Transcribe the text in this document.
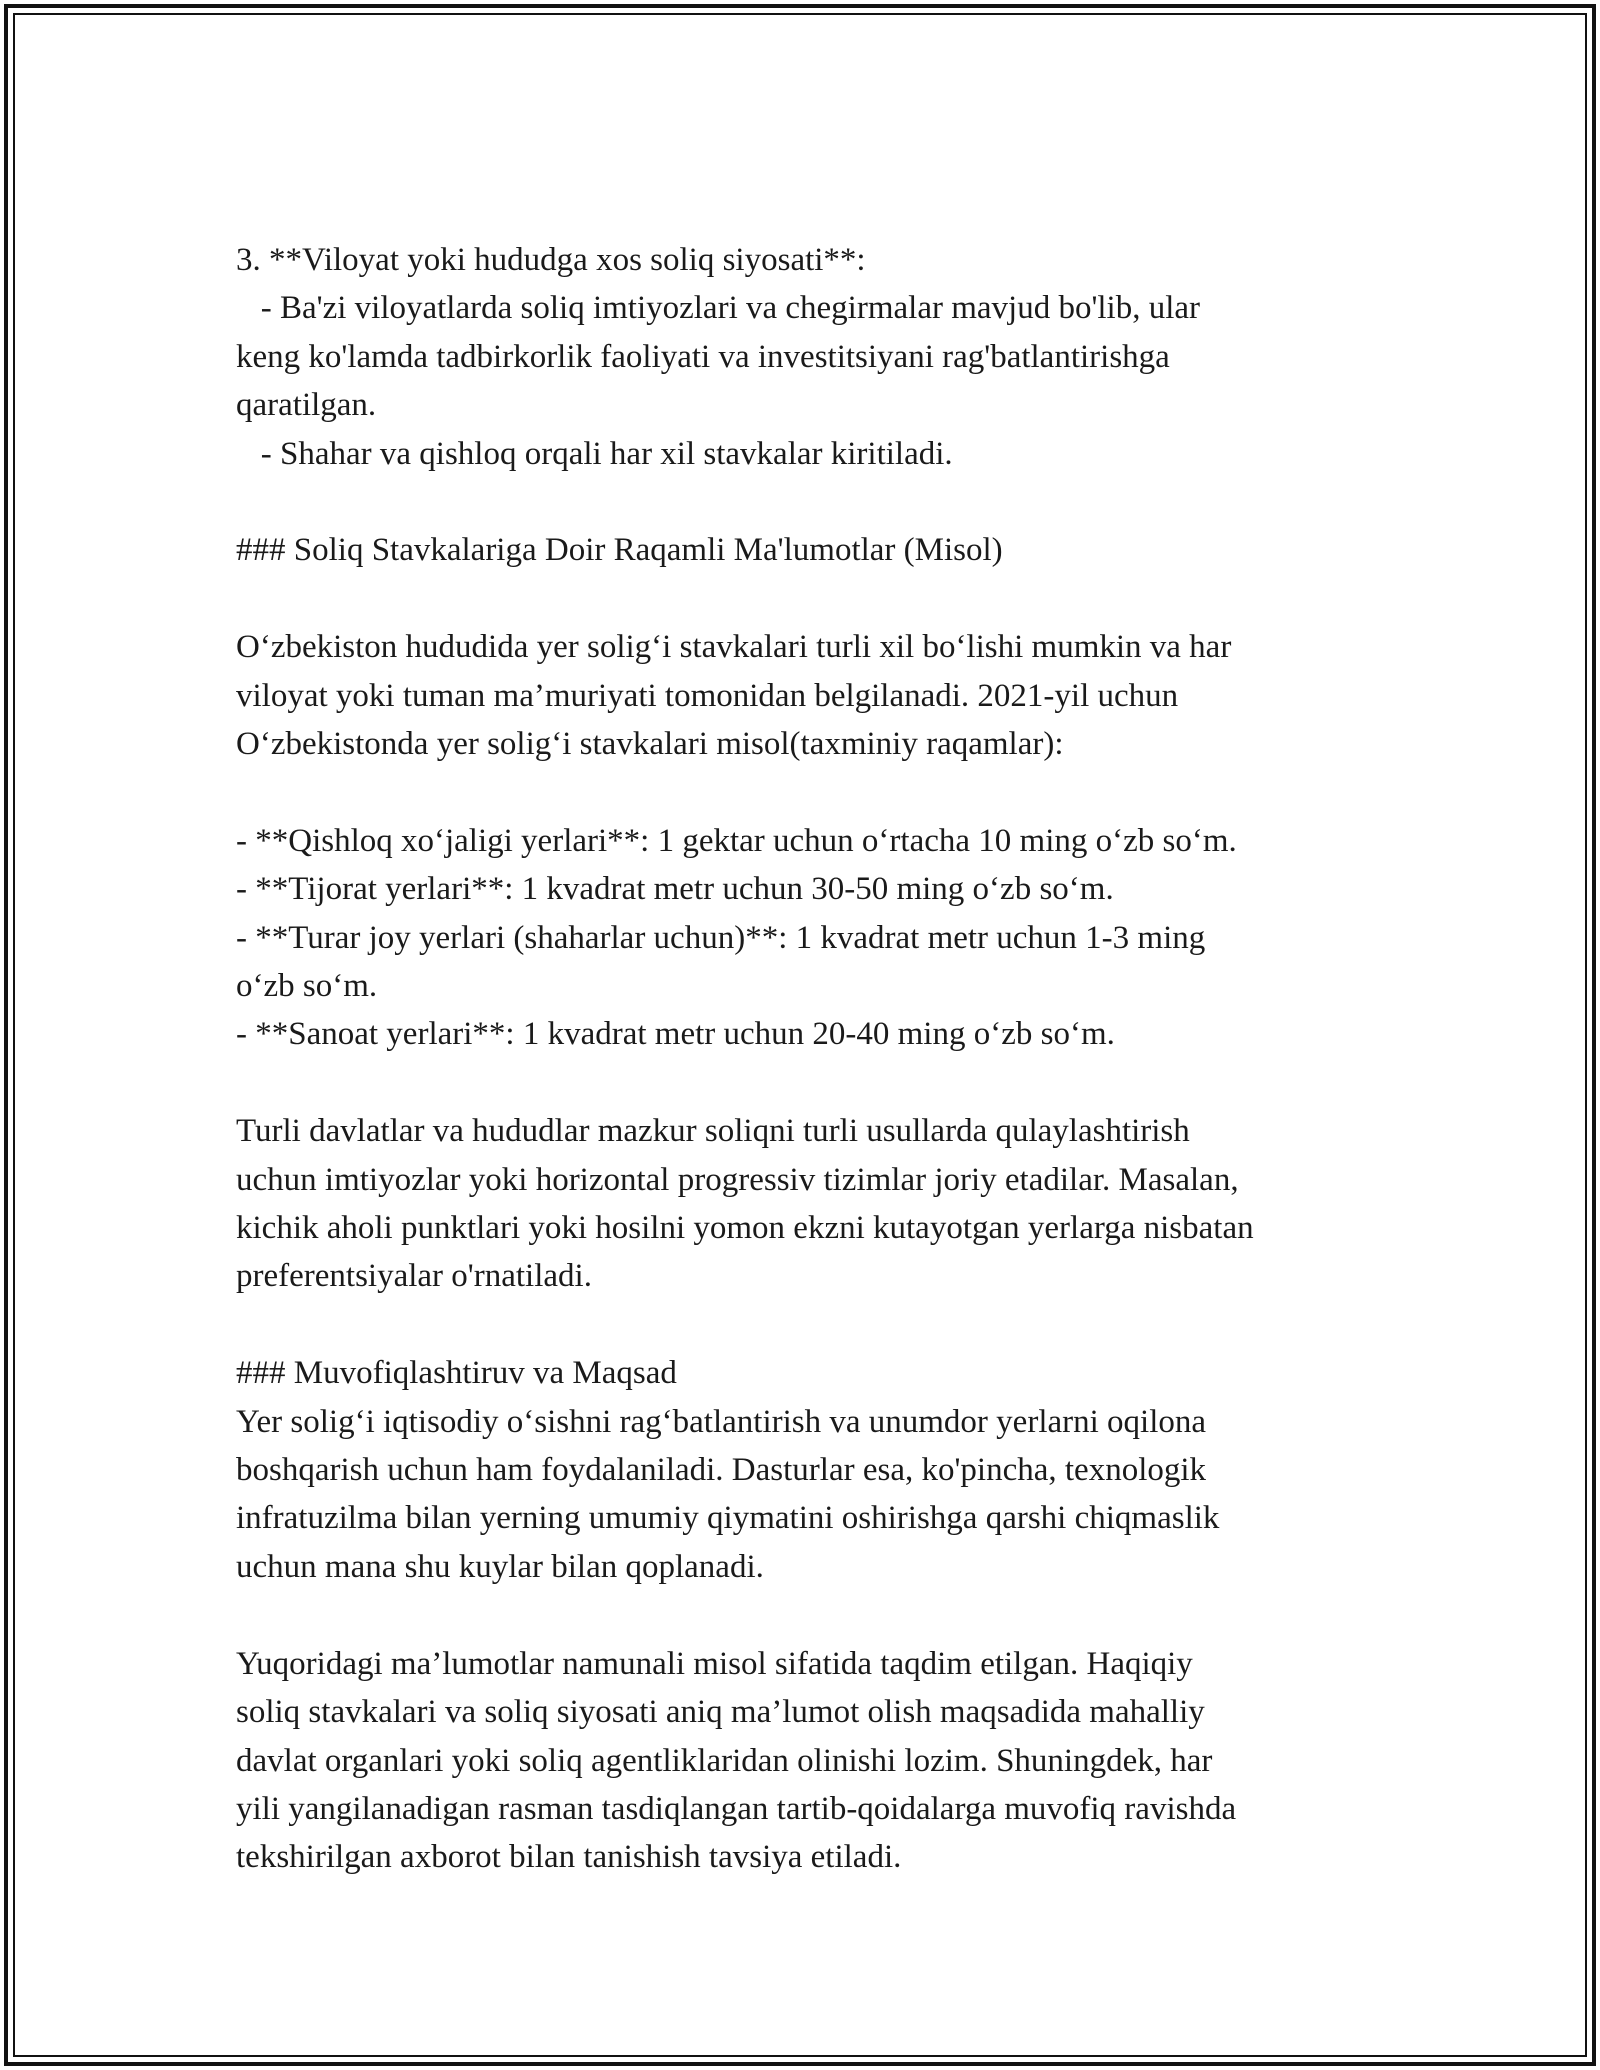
3. **Viloyat yoki hududga xos soliq siyosati**:
- Ba'zi viloyatlarda soliq imtiyozlari va chegirmalar mavjud bo'lib, ular
keng ko'lamda tadbirkorlik faoliyati va investitsiyani rag'batlantirishga
qaratilgan.
- Shahar va qishloq orqali har xil stavkalar kiritiladi.
### Soliq Stavkalariga Doir Raqamli Ma'lumotlar (Misol)
O‘zbekiston hududida yer solig‘i stavkalari turli xil bo‘lishi mumkin va har
viloyat yoki tuman ma’muriyati tomonidan belgilanadi. 2021-yil uchun
O‘zbekistonda yer solig‘i stavkalari misol(taxminiy raqamlar):
- **Qishloq xo‘jaligi yerlari**: 1 gektar uchun o‘rtacha 10 ming o‘zb so‘m.
- **Tijorat yerlari**: 1 kvadrat metr uchun 30-50 ming o‘zb so‘m.
- **Turar joy yerlari (shaharlar uchun)**: 1 kvadrat metr uchun 1-3 ming
o‘zb so‘m.
- **Sanoat yerlari**: 1 kvadrat metr uchun 20-40 ming o‘zb so‘m.
Turli davlatlar va hududlar mazkur soliqni turli usullarda qulaylashtirish
uchun imtiyozlar yoki horizontal progressiv tizimlar joriy etadilar. Masalan,
kichik aholi punktlari yoki hosilni yomon ekzni kutayotgan yerlarga nisbatan
preferentsiyalar o'rnatiladi.
### Muvofiqlashtiruv va Maqsad
Yer solig‘i iqtisodiy o‘sishni rag‘batlantirish va unumdor yerlarni oqilona
boshqarish uchun ham foydalaniladi. Dasturlar esa, ko'pincha, texnologik
infratuzilma bilan yerning umumiy qiymatini oshirishga qarshi chiqmaslik
uchun mana shu kuylar bilan qoplanadi.
Yuqoridagi ma’lumotlar namunali misol sifatida taqdim etilgan. Haqiqiy
soliq stavkalari va soliq siyosati aniq ma’lumot olish maqsadida mahalliy
davlat organlari yoki soliq agentliklaridan olinishi lozim. Shuningdek, har
yili yangilanadigan rasman tasdiqlangan tartib-qoidalarga muvofiq ravishda
tekshirilgan axborot bilan tanishish tavsiya etiladi.
